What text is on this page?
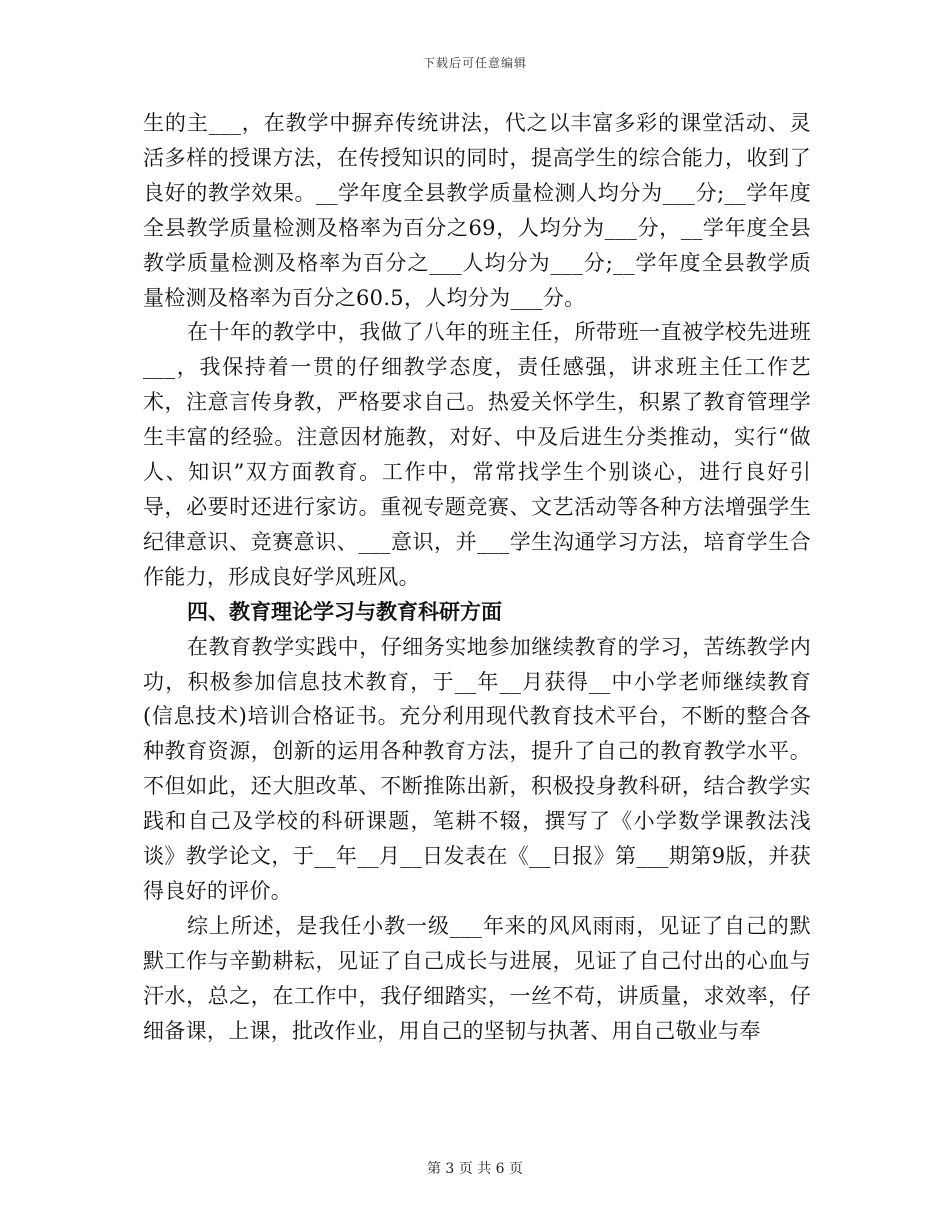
下载后可任意编辑

生的主___，在教学中摒弃传统讲法，代之以丰富多彩的课堂活动、灵活多样的授课方法，在传授知识的同时，提高学生的综合能力，收到了良好的教学效果。__学年度全县教学质量检测人均分为___分;__学年度全县教学质量检测及格率为百分之69，人均分为___分，__学年度全县教学质量检测及格率为百分之___人均分为___分;__学年度全县教学质量检测及格率为百分之60.5，人均分为___分。

在十年的教学中，我做了八年的班主任，所带班一直被学校先进班___，我保持着一贯的仔细教学态度，责任感强，讲求班主任工作艺术，注意言传身教，严格要求自己。热爱关怀学生，积累了教育管理学生丰富的经验。注意因材施教，对好、中及后进生分类推动，实行“做人、知识”双方面教育。工作中，常常找学生个别谈心，进行良好引导，必要时还进行家访。重视专题竞赛、文艺活动等各种方法增强学生纪律意识、竞赛意识、___意识，并___学生沟通学习方法，培育学生合作能力，形成良好学风班风。

四、教育理论学习与教育科研方面

在教育教学实践中，仔细务实地参加继续教育的学习，苦练教学内功，积极参加信息技术教育，于__年__月获得__中小学老师继续教育(信息技术)培训合格证书。充分利用现代教育技术平台，不断的整合各种教育资源，创新的运用各种教育方法，提升了自己的教育教学水平。不但如此，还大胆改革、不断推陈出新，积极投身教科研，结合教学实践和自己及学校的科研课题，笔耕不辍，撰写了《小学数学课教法浅谈》教学论文，于__年__月__日发表在《__日报》第___期第9版，并获得良好的评价。

综上所述，是我任小教一级___年来的风风雨雨，见证了自己的默默工作与辛勤耕耘，见证了自己成长与进展，见证了自己付出的心血与汗水，总之，在工作中，我仔细踏实，一丝不苟，讲质量，求效率，仔细备课，上课，批改作业，用自己的坚韧与执著、用自己敬业与奉

第 3 页 共 6 页
